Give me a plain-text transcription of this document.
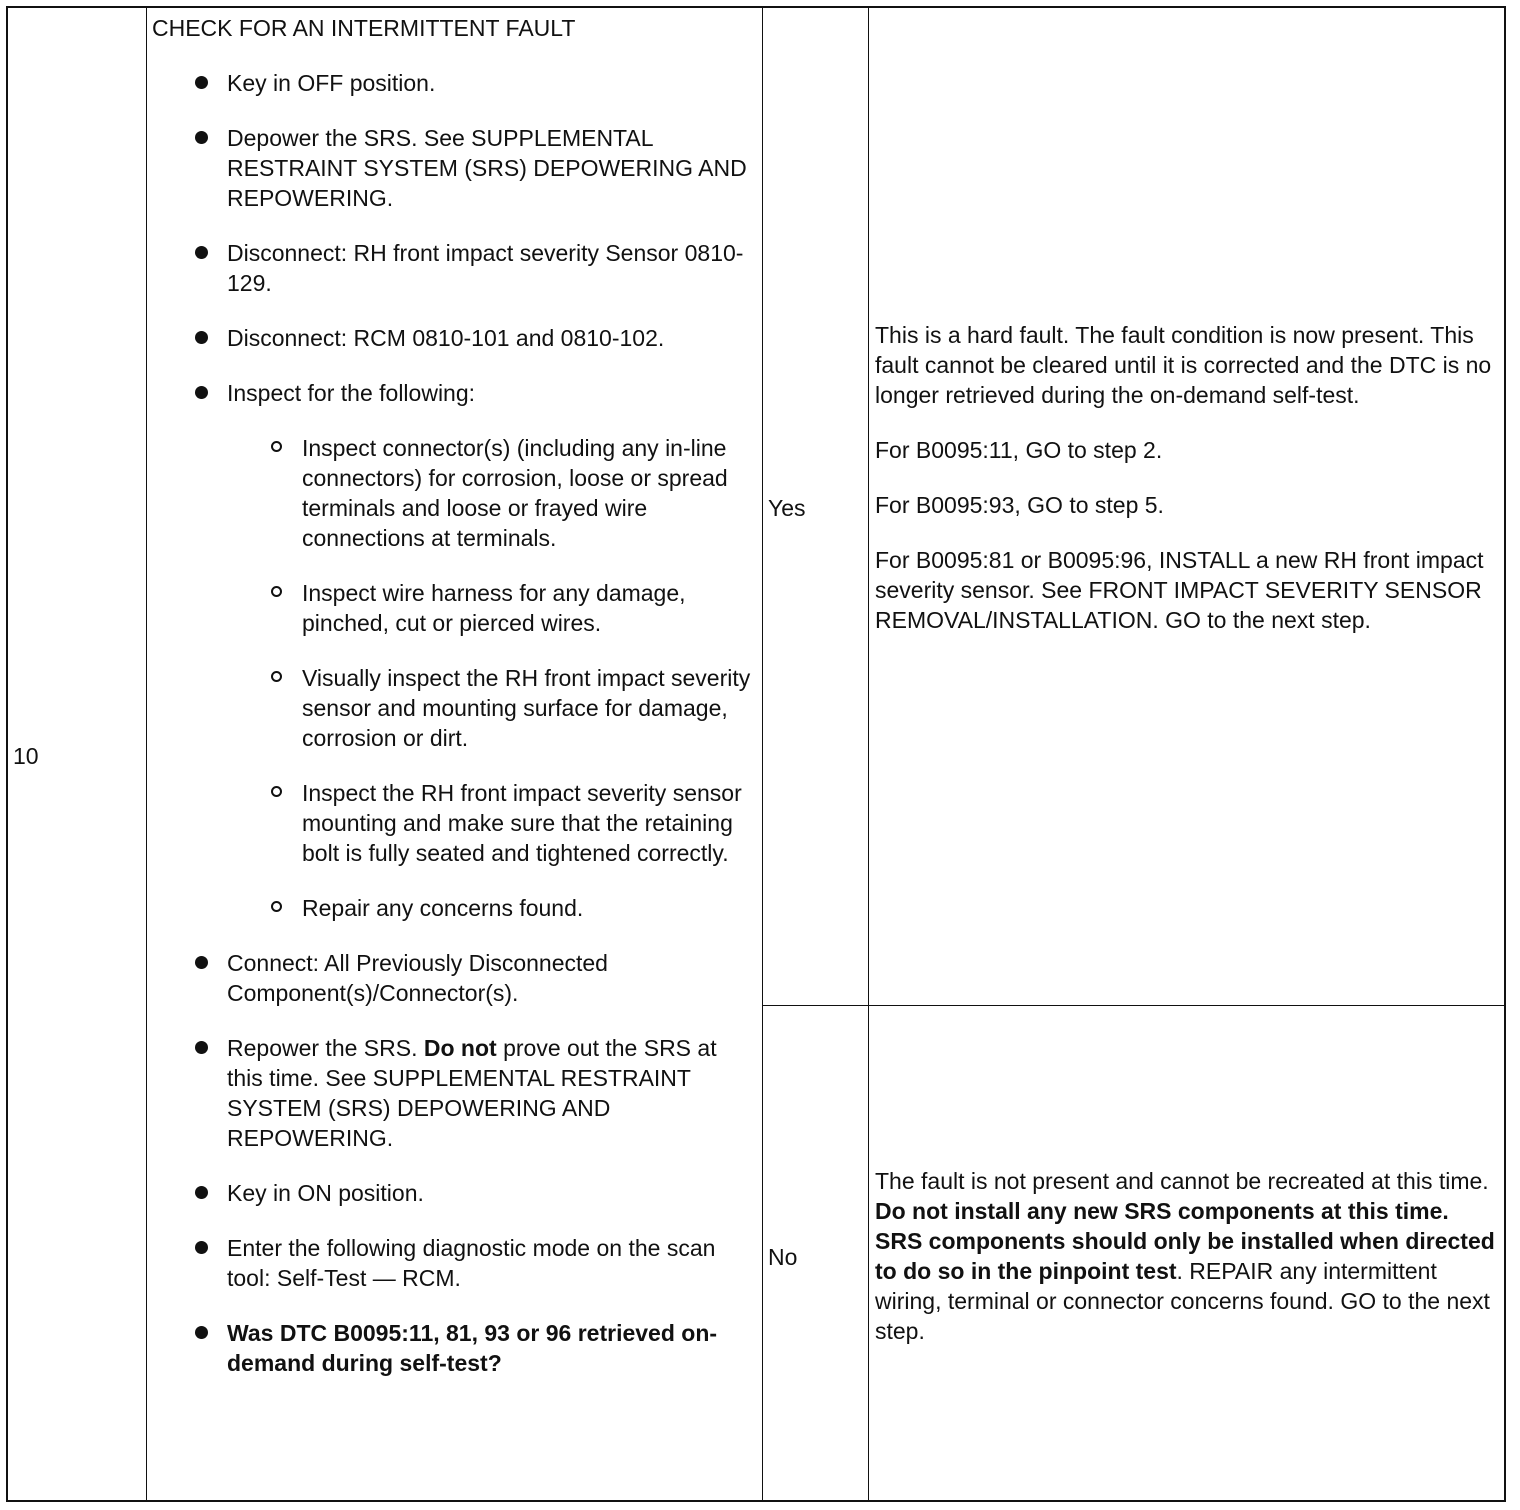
10
CHECK FOR AN INTERMITTENT FAULT
Key in OFF position.
Depower the SRS. See SUPPLEMENTAL RESTRAINT SYSTEM (SRS) DEPOWERING AND REPOWERING.
Disconnect: RH front impact severity Sensor 0810-129.
Disconnect: RCM 0810-101 and 0810-102.
Inspect for the following:
Inspect connector(s) (including any in-line connectors) for corrosion, loose or spread terminals and loose or frayed wire connections at terminals.
Inspect wire harness for any damage, pinched, cut or pierced wires.
Visually inspect the RH front impact severity sensor and mounting surface for damage, corrosion or dirt.
Inspect the RH front impact severity sensor mounting and make sure that the retaining bolt is fully seated and tightened correctly.
Repair any concerns found.
Connect: All Previously Disconnected Component(s)/Connector(s).
Repower the SRS. Do not prove out the SRS at this time. See SUPPLEMENTAL RESTRAINT SYSTEM (SRS) DEPOWERING AND REPOWERING.
Key in ON position.
Enter the following diagnostic mode on the scan tool: Self-Test — RCM.
Was DTC B0095:11, 81, 93 or 96 retrieved on-demand during self-test?
Yes

This is a hard fault. The fault condition is now present. This fault cannot be cleared until it is corrected and the DTC is no longer retrieved during the on-demand self-test.

For B0095:11, GO to step 2.

For B0095:93, GO to step 5.

For B0095:81 or B0095:96, INSTALL a new RH front impact severity sensor. See FRONT IMPACT SEVERITY SENSOR REMOVAL/INSTALLATION. GO to the next step.

No
The fault is not present and cannot be recreated at this time. Do not install any new SRS components at this time. SRS components should only be installed when directed to do so in the pinpoint test. REPAIR any intermittent wiring, terminal or connector concerns found. GO to the next step.
